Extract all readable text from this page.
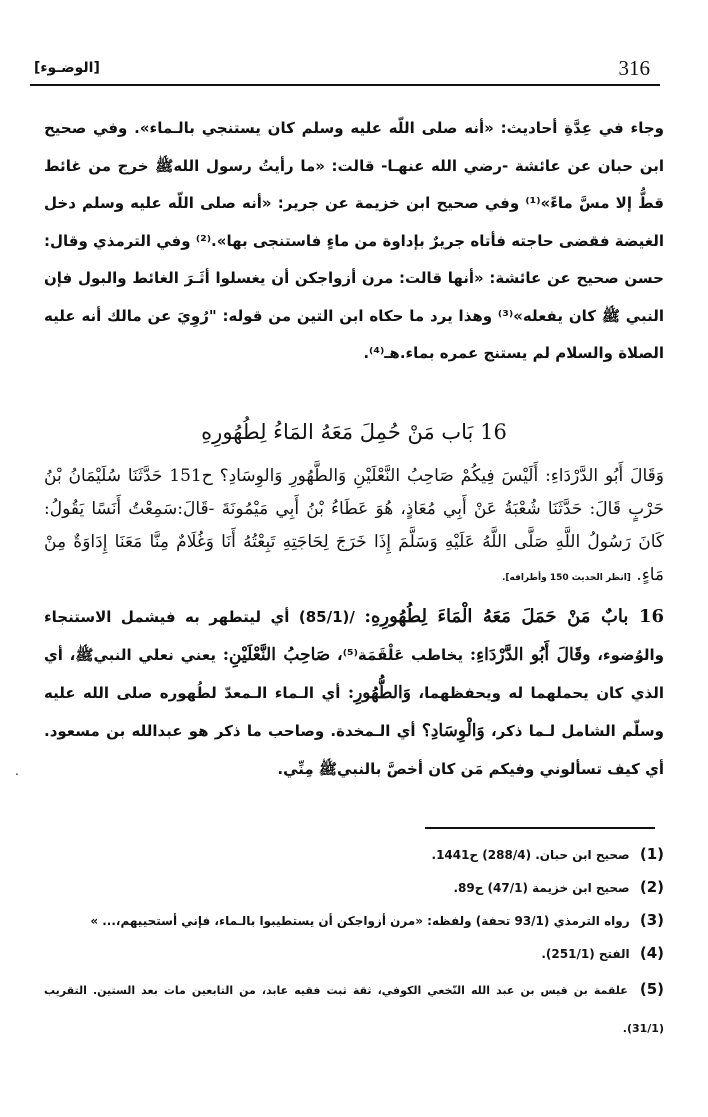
316
[الوضـوء]
وجاء في عِدَّةِ أحاديث: «أنه صلى اللّه عليه وسلم كان يستنجي بالـماء». وفي صحيح ابن حبان عن عائشة -رضي الله عنهـا- قالت: «ما رأيتُ رسول اللهﷺ خرج من غائط قطُّ إلا مسَّ ماءً»⁽¹⁾ وفي صحيح ابن خزيمة عن جرير: «أنه صلى اللّه عليه وسلم دخل الغيضة فقضى حاجته فأتاه جريرٌ بإداوة من ماءٍ فاستنجى بها».⁽²⁾ وفي الترمذي وقال: حسن صحيح عن عائشة: «أنها قالت: مرن أزواجكن أن يغسلوا أثَـرَ الغائط والبول فإن النبي ﷺ كان يفعله»⁽³⁾ وهذا يرد ما حكاه ابن التين من قوله: "رُوِيَ عن مالك أنه عليه الصلاة والسلام لم يستنج عمره بماء.هـ⁽⁴⁾.
16 بَاب مَنْ حُمِلَ مَعَهُ المَاءُ لِطُهُورِهِ
وَقَالَ أَبُو الدَّرْدَاءِ: أَلَيْسَ فِيكُمْ صَاحِبُ النَّعْلَيْنِ وَالطَّهُورِ وَالوِسَادِ؟ ح151 حَدَّثَنَا سُلَيْمَانُ بْنُ حَرْبٍ قَالَ: حَدَّثَنَا شُعْبَةُ عَنْ أَبِي مُعَاذٍ، هُوَ عَطَاءُ بْنُ أَبِي مَيْمُونَةَ -قَالَ:سَمِعْتُ أَنَسًا يَقُولُ: كَانَ رَسُولُ اللَّهِ صَلَّى اللَّهُ عَلَيْهِ وَسَلَّمَ إِذَا خَرَجَ لِحَاجَتِهِ تَبِعْتُهُ أَنَا وَغُلَامٌ مِنَّا مَعَنَا إِدَاوَةٌ مِنْ مَاءٍ. [انظر الحديث 150 وأطرافه].
16 بابٌ مَنْ حَمَلَ مَعَهُ الْمَاءَ لِطُهُورِهِ: /(85/1) أي ليتطهر به فيشمل الاستنجاء والوُضوء، وقَالَ أَبُو الدَّرْدَاءِ: يخاطب عَلْقَمَة⁽⁵⁾، صَاحِبُ النَّعْلَيْنِ: يعني نعلي النبيﷺ، أي الذي كان يحملهما له ويحفظهما، وَالطُّهُورِ: أي الـماء الـمعدّ لطُهوره صلى الله عليه وسلّم الشامل لـما ذكر، وَالْوِسَادِ؟ أي الـمخدة. وصاحب ما ذكر هو عبدالله بن مسعود. أي كيف تسألوني وفيكم مَن كان أخصَّ بالنبيﷺ مِنِّي.
.
(1) صحيح ابن حبان. (288/4) ح1441.
(2) صحيح ابن خزيمة (47/1) ح89.
(3) رواه الترمذي (93/1 تحفة) ولفظه: «مرن أزواجكن أن يستطيبوا بالـماء، فإني أستحييهم،... »
(4) الفتح (251/1).
(5) علقمة بن قيس بن عبد الله النّخعي الكوفي، ثقة ثبت فقيه عابد، من التابعين مات بعد الستين. التقريب (31/1).
